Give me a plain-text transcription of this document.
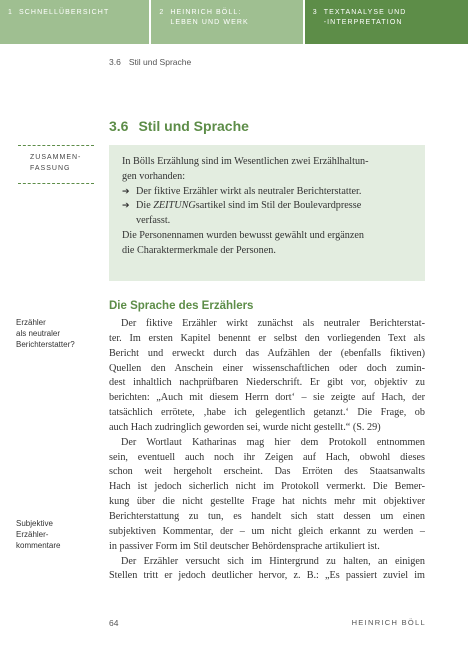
1 SCHNELLÜBERSICHT	2 HEINRICH BÖLL:
LEBEN UND WERK
3 TEXTANALYSE UND
-INTERPRETATION
3.6 Stil und Sprache
3.6 Stil und Sprache
ZUSAMMEN-
FASSUNG

In Bölls Erzählung sind im Wesentlichen zwei Erzählhaltun-
gen vorhanden:

➔ Der fiktive Erzähler wirkt als neutraler Berichterstatter.
➔ Die ZEITUNGsartikel sind im Stil der Boulevardpresse

verfasst.

Die Personennamen wurden bewusst gewählt und ergänzen
die Charaktermerkmale der Personen.

Die Sprache des Erzählers
Erzähler
als neutraler
Berichterstatter?
Subjektive
Erzähler-
kommentare
Der fiktive Erzähler wirkt zunächst als neutraler Berichterstat-
ter. Im ersten Kapitel benennt er selbst den vorliegenden Text als
Bericht und erweckt durch das Aufzählen der (ebenfalls fiktiven)
Quellen den Anschein einer wissenschaftlichen oder doch zumin-
dest inhaltlich nachprüfbaren Niederschrift. Er gibt vor, objektiv zu
berichten: „Auch mit diesem Herrn dort‘ – sie zeigte auf Hach, der
tatsächlich errötete, ‚habe ich gelegentlich getanzt.‘ Die Frage, ob
auch Hach zudringlich geworden sei, wurde nicht gestellt.“ (S. 29)
Der Wortlaut Katharinas mag hier dem Protokoll entnommen
sein, eventuell auch noch ihr Zeigen auf Hach, obwohl dieses
schon weit hergeholt erscheint. Das Erröten des Staatsanwalts
Hach ist jedoch sicherlich nicht im Protokoll vermerkt. Die Bemer-
kung über die nicht gestellte Frage hat nichts mehr mit objektiver
Berichterstattung zu tun, es handelt sich statt dessen um einen
subjektiven Kommentar, der – um nicht gleich erkannt zu werden –
in passiver Form im Stil deutscher Behördensprache artikuliert ist.
Der Erzähler versucht sich im Hintergrund zu halten, an einigen
Stellen tritt er jedoch deutlicher hervor, z. B.: „Es passiert zuviel im
64	HEINRICH BÖLL
